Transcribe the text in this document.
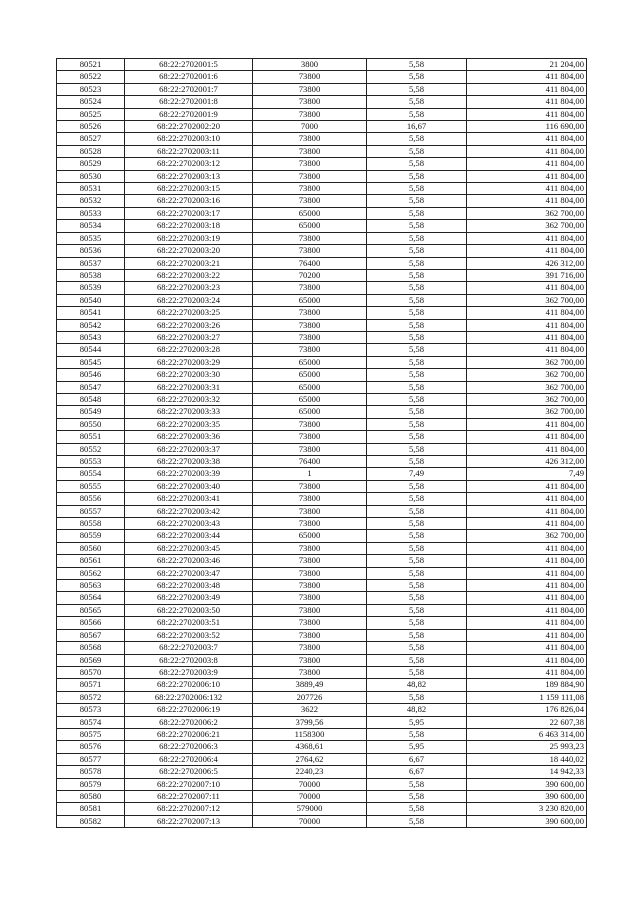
80521	68:22:2702001:5	3800	5,58	21 204,00
80522	68:22:2702001:6	73800	5,58	411 804,00
80523	68:22:2702001:7	73800	5,58	411 804,00
80524	68:22:2702001:8	73800	5,58	411 804,00
80525	68:22:2702001:9	73800	5,58	411 804,00
80526	68:22:2702002:20	7000	16,67	116 690,00
80527	68:22:2702003:10	73800	5,58	411 804,00
80528	68:22:2702003:11	73800	5,58	411 804,00
80529	68:22:2702003:12	73800	5,58	411 804,00
80530	68:22:2702003:13	73800	5,58	411 804,00
80531	68:22:2702003:15	73800	5,58	411 804,00
80532	68:22:2702003:16	73800	5,58	411 804,00
80533	68:22:2702003:17	65000	5,58	362 700,00
80534	68:22:2702003:18	65000	5,58	362 700,00
80535	68:22:2702003:19	73800	5,58	411 804,00
80536	68:22:2702003:20	73800	5,58	411 804,00
80537	68:22:2702003:21	76400	5,58	426 312,00
80538	68:22:2702003:22	70200	5,58	391 716,00
80539	68:22:2702003:23	73800	5,58	411 804,00
80540	68:22:2702003:24	65000	5,58	362 700,00
80541	68:22:2702003:25	73800	5,58	411 804,00
80542	68:22:2702003:26	73800	5,58	411 804,00
80543	68:22:2702003:27	73800	5,58	411 804,00
80544	68:22:2702003:28	73800	5,58	411 804,00
80545	68:22:2702003:29	65000	5,58	362 700,00
80546	68:22:2702003:30	65000	5,58	362 700,00
80547	68:22:2702003:31	65000	5,58	362 700,00
80548	68:22:2702003:32	65000	5,58	362 700,00
80549	68:22:2702003:33	65000	5,58	362 700,00
80550	68:22:2702003:35	73800	5,58	411 804,00
80551	68:22:2702003:36	73800	5,58	411 804,00
80552	68:22:2702003:37	73800	5,58	411 804,00
80553	68:22:2702003:38	76400	5,58	426 312,00
80554	68:22:2702003:39	1	7,49	7,49
80555	68:22:2702003:40	73800	5,58	411 804,00
80556	68:22:2702003:41	73800	5,58	411 804,00
80557	68:22:2702003:42	73800	5,58	411 804,00
80558	68:22:2702003:43	73800	5,58	411 804,00
80559	68:22:2702003:44	65000	5,58	362 700,00
80560	68:22:2702003:45	73800	5,58	411 804,00
80561	68:22:2702003:46	73800	5,58	411 804,00
80562	68:22:2702003:47	73800	5,58	411 804,00
80563	68:22:2702003:48	73800	5,58	411 804,00
80564	68:22:2702003:49	73800	5,58	411 804,00
80565	68:22:2702003:50	73800	5,58	411 804,00
80566	68:22:2702003:51	73800	5,58	411 804,00
80567	68:22:2702003:52	73800	5,58	411 804,00
80568	68:22:2702003:7	73800	5,58	411 804,00
80569	68:22:2702003:8	73800	5,58	411 804,00
80570	68:22:2702003:9	73800	5,58	411 804,00
80571	68:22:2702006:10	3889,49	48,82	189 884,90
80572	68:22:2702006:132	207726	5,58	1 159 111,08
80573	68:22:2702006:19	3622	48,82	176 826,04
80574	68:22:2702006:2	3799,56	5,95	22 607,38
80575	68:22:2702006:21	1158300	5,58	6 463 314,00
80576	68:22:2702006:3	4368,61	5,95	25 993,23
80577	68:22:2702006:4	2764,62	6,67	18 440,02
80578	68:22:2702006:5	2240,23	6,67	14 942,33
80579	68:22:2702007:10	70000	5,58	390 600,00
80580	68:22:2702007:11	70000	5,58	390 600,00
80581	68:22:2702007:12	579000	5,58	3 230 820,00
80582	68:22:2702007:13	70000	5,58	390 600,00
